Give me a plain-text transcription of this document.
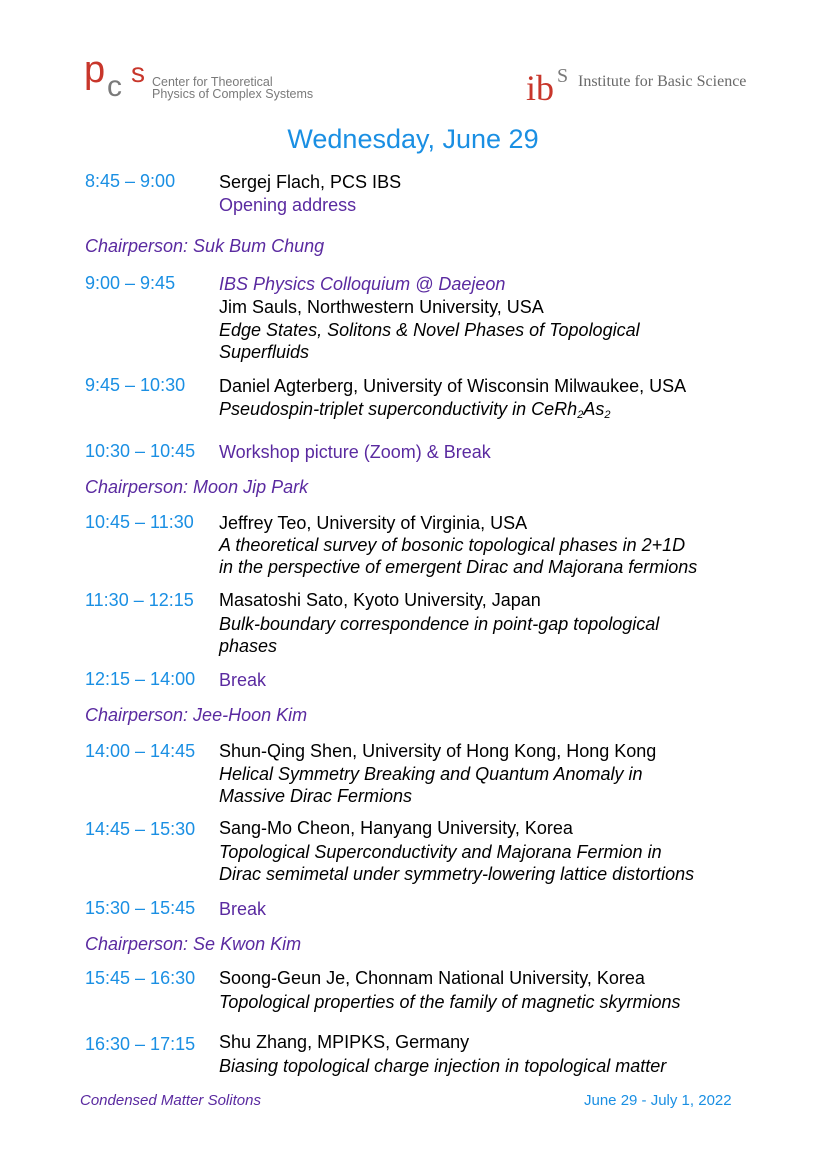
p c s Center for Theoretical
Physics of Complex Systems	ib S Institute for Basic Science
Wednesday, June 29
8:45 – 9:00 Sergej Flach, PCS IBS
Opening address
Chairperson: Suk Bum Chung
9:00 – 9:45 IBS Physics Colloquium @ Daejeon
Jim Sauls, Northwestern University, USA
Edge States, Solitons & Novel Phases of Topological
Superfluids
9:45 – 10:30 Daniel Agterberg, University of Wisconsin Milwaukee, USA
Pseudospin-triplet superconductivity in $CeRh_2As_2$
10:30 – 10:45 Workshop picture (Zoom) & Break
Chairperson: Moon Jip Park
10:45 – 11:30 Jeffrey Teo, University of Virginia, USA
A theoretical survey of bosonic topological phases in 2+1D
in the perspective of emergent Dirac and Majorana fermions
11:30 – 12:15 Masatoshi Sato, Kyoto University, Japan
Bulk-boundary correspondence in point-gap topological
phases
12:15 – 14:00 Break
Chairperson: Jee-Hoon Kim
14:00 – 14:45 Shun-Qing Shen, University of Hong Kong, Hong Kong
Helical Symmetry Breaking and Quantum Anomaly in
Massive Dirac Fermions
14:45 – 15:30 Sang-Mo Cheon, Hanyang University, Korea
Topological Superconductivity and Majorana Fermion in
Dirac semimetal under symmetry-lowering lattice distortions
15:30 – 15:45 Break
Chairperson: Se Kwon Kim
15:45 – 16:30 Soong-Geun Je, Chonnam National University, Korea
Topological properties of the family of magnetic skyrmions
16:30 – 17:15 Shu Zhang, MPIPKS, Germany
Biasing topological charge injection in topological matter
Condensed Matter Solitons	June 29 - July 1, 2022
